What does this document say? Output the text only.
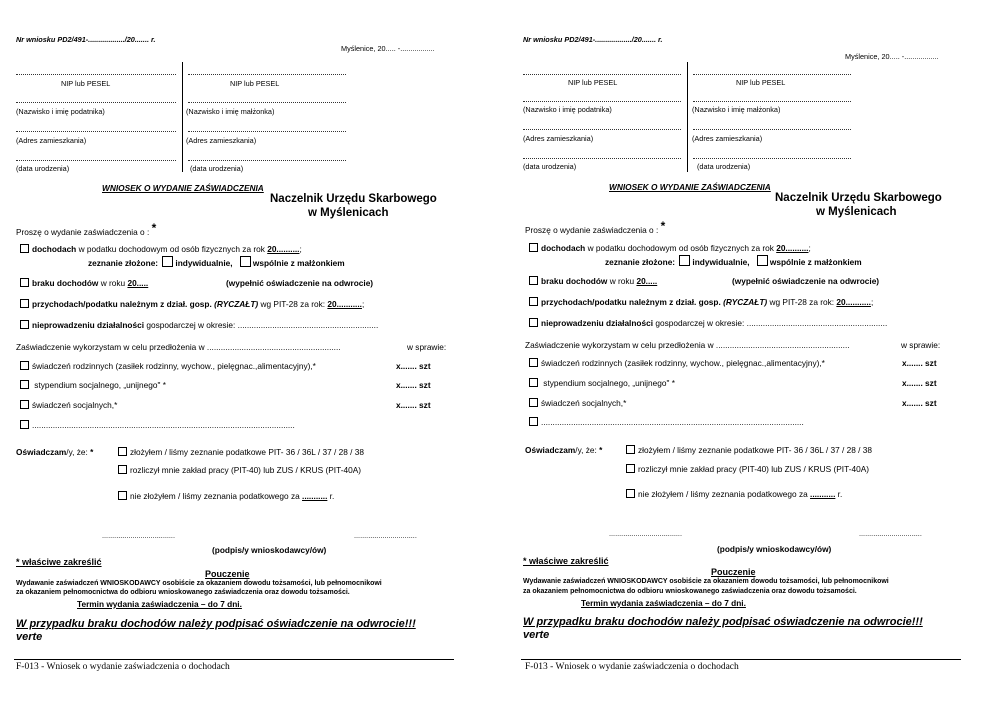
Nr wniosku PD2/491-................../20....... r.
Myślenice, 20..... -.................
NIP lub PESEL	NIP lub PESEL
(Nazwisko i imię podatnika)	(Nazwisko i imię małżonka)
(Adres zamieszkania)	(Adres zamieszkania)
(data urodzenia)	(data urodzenia)
WNIOSEK O WYDANIE ZAŚWIADCZENIA
Naczelnik Urzędu Skarbowego
w Myślenicach
Proszę o wydanie zaświadczenia o : *
dochodach w podatku dochodowym od osób fizycznych za rok 20..........;
zeznanie złożone: indywidualnie, wspólnie z małżonkiem
braku dochodów w roku 20.....	(wypełnić oświadczenie na odwrocie)
przychodach/podatku należnym z dział. gosp. (RYCZAŁT) wg PIT-28 za rok: 20...........;
nieprowadzeniu działalności gospodarczej w okresie: .............................................................
Zaświadczenie wykorzystam w celu przedłożenia w ..........................................................	w sprawie:
świadczeń rodzinnych (zasiłek rodzinny, wychow., pielęgnac.,alimentacyjny),*	x....... szt
stypendium socjalnego, „unijnego" *	x....... szt
świadczeń socjalnych,*	x....... szt
..................................................................................................................
Oświadczam/y, że: *	złożyłem / liśmy zeznanie podatkowe PIT- 36 / 36L / 37 / 28 / 38
rozliczył mnie zakład pracy (PIT-40) lub ZUS / KRUS (PIT-40A)
nie złożyłem / liśmy zeznania podatkowego za ........... r.
....................................	...............................
(podpis/y wnioskodawcy/ów)
* właściwe zakreślić
Pouczenie
Wydawanie zaświadczeń WNIOSKODAWCY osobiście za okazaniem dowodu tożsamości, lub pełnomocnikowi
za okazaniem pełnomocnictwa do odbioru wnioskowanego zaświadczenia oraz dowodu tożsamości.
Termin wydania zaświadczenia – do 7 dni.
W przypadku braku dochodów należy podpisać oświadczenie na odwrocie!!!
verte
F-013 - Wniosek o wydanie zaświadczenia o dochodach
Nr wniosku PD2/491-................../20....... r.
Myślenice, 20..... -.................
NIP lub PESEL	NIP lub PESEL
(Nazwisko i imię podatnika)	(Nazwisko i imię małżonka)
(Adres zamieszkania)	(Adres zamieszkania)
(data urodzenia)	(data urodzenia)
WNIOSEK O WYDANIE ZAŚWIADCZENIA
Naczelnik Urzędu Skarbowego
w Myślenicach
Proszę o wydanie zaświadczenia o : *
dochodach w podatku dochodowym od osób fizycznych za rok 20..........;
zeznanie złożone: indywidualnie, wspólnie z małżonkiem
braku dochodów w roku 20.....	(wypełnić oświadczenie na odwrocie)
przychodach/podatku należnym z dział. gosp. (RYCZAŁT) wg PIT-28 za rok: 20...........;
nieprowadzeniu działalności gospodarczej w okresie: .............................................................
Zaświadczenie wykorzystam w celu przedłożenia w ..........................................................	w sprawie:
świadczeń rodzinnych (zasiłek rodzinny, wychow., pielęgnac.,alimentacyjny),*	x....... szt
stypendium socjalnego, „unijnego" *	x....... szt
świadczeń socjalnych,*	x....... szt
..................................................................................................................
Oświadczam/y, że: *	złożyłem / liśmy zeznanie podatkowe PIT- 36 / 36L / 37 / 28 / 38
rozliczył mnie zakład pracy (PIT-40) lub ZUS / KRUS (PIT-40A)
nie złożyłem / liśmy zeznania podatkowego za ........... r.
....................................	...............................
(podpis/y wnioskodawcy/ów)
* właściwe zakreślić
Pouczenie
Wydawanie zaświadczeń WNIOSKODAWCY osobiście za okazaniem dowodu tożsamości, lub pełnomocnikowi
za okazaniem pełnomocnictwa do odbioru wnioskowanego zaświadczenia oraz dowodu tożsamości.
Termin wydania zaświadczenia – do 7 dni.
W przypadku braku dochodów należy podpisać oświadczenie na odwrocie!!!
verte
F-013 - Wniosek o wydanie zaświadczenia o dochodach
